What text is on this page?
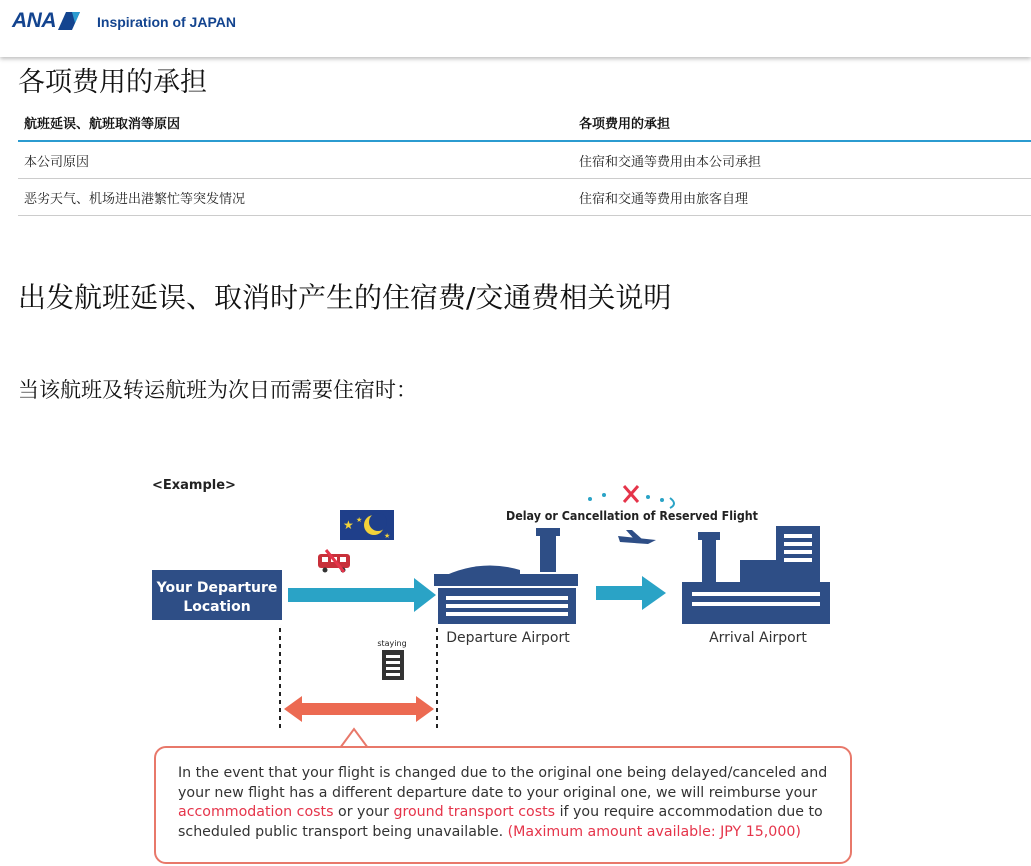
ANA	Inspiration of JAPAN
各项费用的承担
航班延误、航班取消等原因	各项费用的承担
本公司原因	住宿和交通等费用由本公司承担
恶劣天气、机场进出港繁忙等突发情况	住宿和交通等费用由旅客自理
出发航班延误、取消时产生的住宿费/交通费相关说明

当该航班及转运航班为次日而需要住宿时：

<Example>
★ ★
★
Your Departure
Location
Departure Airport
Delay or Cancellation of Reserved Flight
Arrival Airport
staying
In the event that your flight is changed due to the original one being delayed/canceled and your new flight has a different departure date to your original one, we will reimburse your accommodation costs or your ground transport costs if you require accommodation due to scheduled public transport being unavailable. (Maximum amount available: JPY 15,000)
